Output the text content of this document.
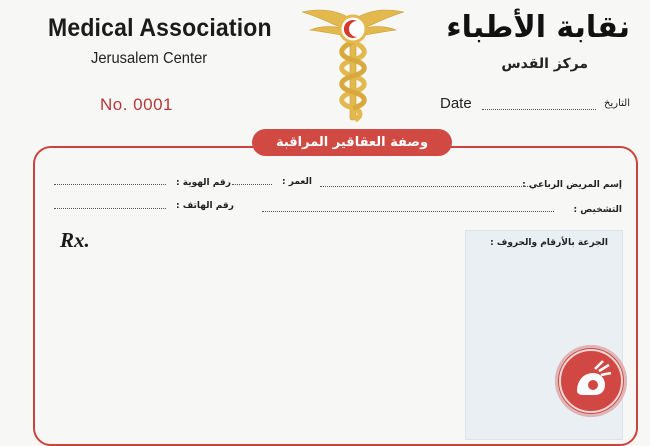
Medical Association
Jerusalem Center
نقابة الأطباء
مركز القدس
No. 0001	Date	التاريخ
وصفة العقاقير المراقبة
إسم المريض الرباعي :
العمر :
رقم الهوية :
التشخيص :
رقم الهاتف :
Rx.	الجرعة بالأرقام والحروف :
